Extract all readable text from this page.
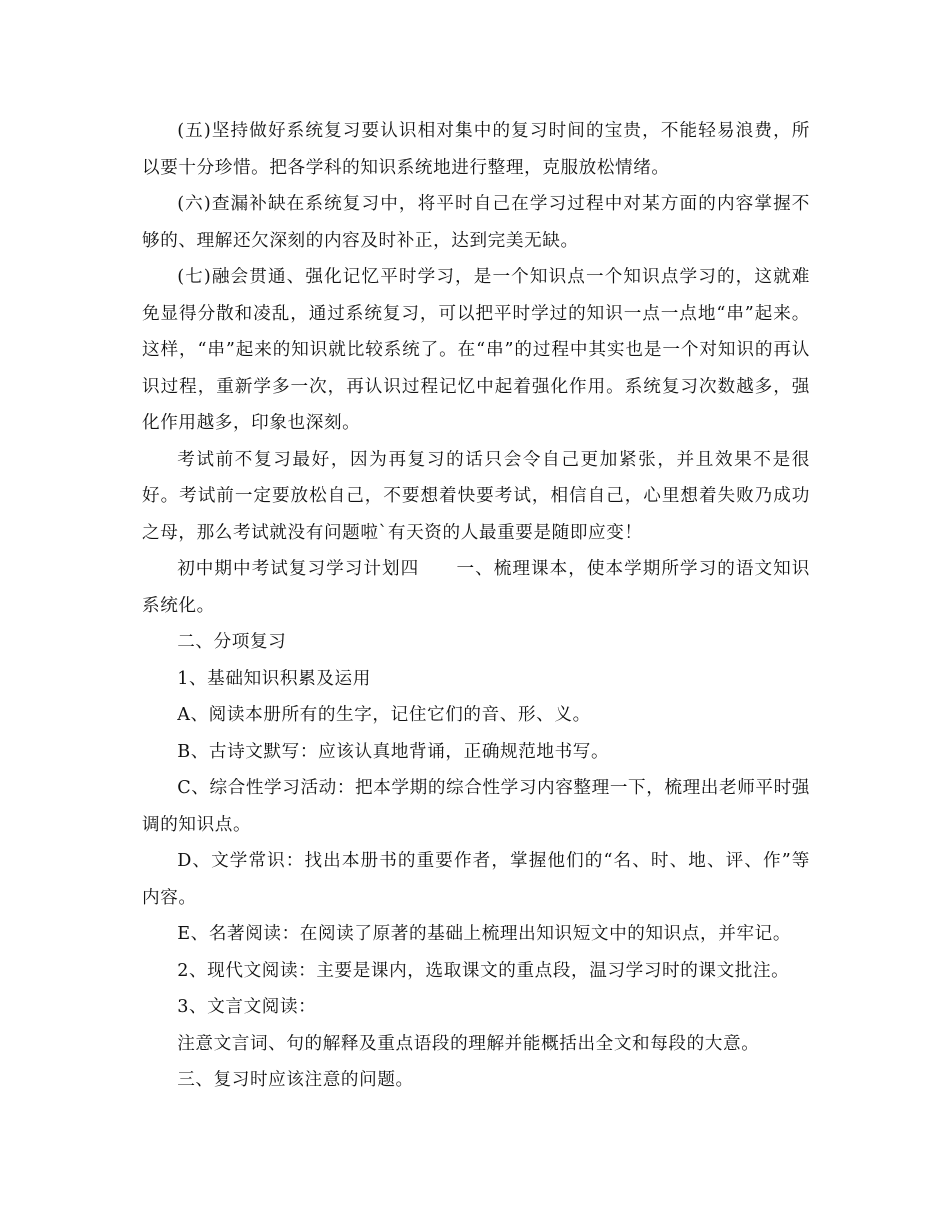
(五)坚持做好系统复习要认识相对集中的复习时间的宝贵，不能轻易浪费，所以要十分珍惜。把各学科的知识系统地进行整理，克服放松情绪。

(六)查漏补缺在系统复习中，将平时自己在学习过程中对某方面的内容掌握不够的、理解还欠深刻的内容及时补正，达到完美无缺。

(七)融会贯通、强化记忆平时学习，是一个知识点一个知识点学习的，这就难免显得分散和凌乱，通过系统复习，可以把平时学过的知识一点一点地“串”起来。这样，“串”起来的知识就比较系统了。在“串”的过程中其实也是一个对知识的再认识过程，重新学多一次，再认识过程记忆中起着强化作用。系统复习次数越多，强化作用越多，印象也深刻。

考试前不复习最好，因为再复习的话只会令自己更加紧张，并且效果不是很好。考试前一定要放松自己，不要想着快要考试，相信自己，心里想着失败乃成功之母，那么考试就没有问题啦`有天资的人最重要是随即应变！

初中期中考试复习学习计划四　　一、梳理课本，使本学期所学习的语文知识系统化。

二、分项复习

1、基础知识积累及运用

A、阅读本册所有的生字，记住它们的音、形、义。

B、古诗文默写：应该认真地背诵，正确规范地书写。

C、综合性学习活动：把本学期的综合性学习内容整理一下，梳理出老师平时强调的知识点。

D、文学常识：找出本册书的重要作者，掌握他们的“名、时、地、评、作”等内容。

E、名著阅读：在阅读了原著的基础上梳理出知识短文中的知识点，并牢记。

2、现代文阅读：主要是课内，选取课文的重点段，温习学习时的课文批注。

3、文言文阅读：

注意文言词、句的解释及重点语段的理解并能概括出全文和每段的大意。

三、复习时应该注意的问题。
